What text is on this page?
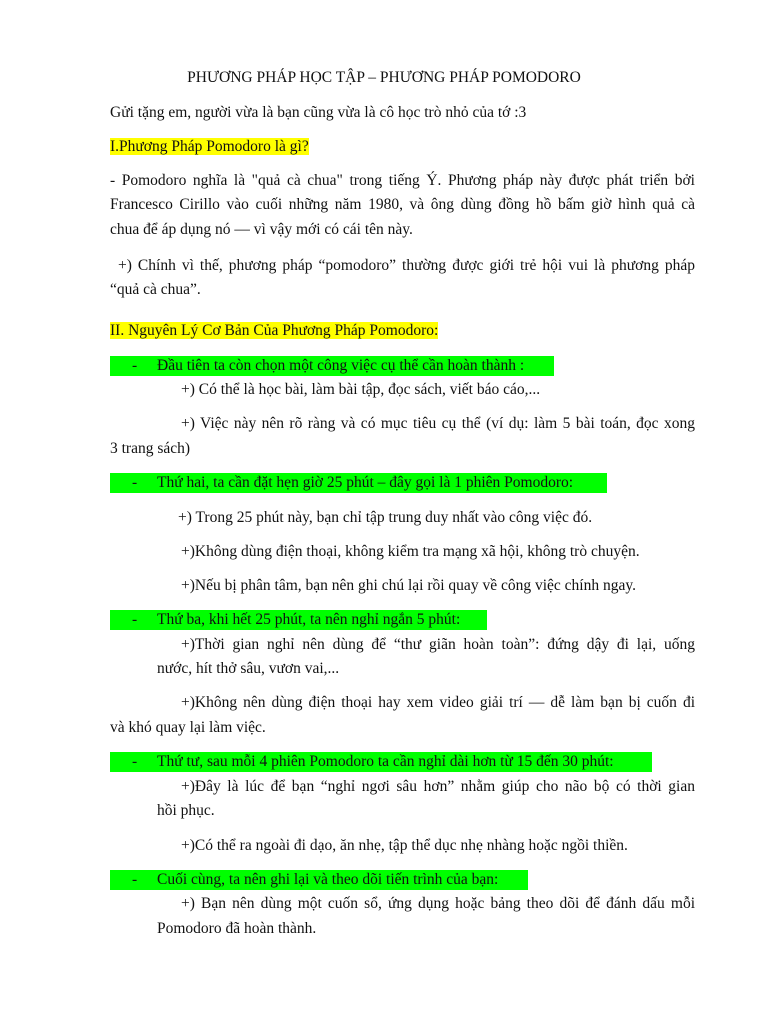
PHƯƠNG PHÁP HỌC TẬP – PHƯƠNG PHÁP POMODORO
Gửi tặng em, người vừa là bạn cũng vừa là cô học trò nhỏ của tớ :3
I.Phương Pháp Pomodoro là gì?
- Pomodoro nghĩa là "quả cà chua" trong tiếng Ý. Phương pháp này được phát triển bởi
Francesco Cirillo vào cuối những năm 1980, và ông dùng đồng hồ bấm giờ hình quả cà
chua để áp dụng nó — vì vậy mới có cái tên này.
+) Chính vì thế, phương pháp “pomodoro” thường được giới trẻ hội vui là phương pháp
“quả cà chua”.
II. Nguyên Lý Cơ Bản Của Phương Pháp Pomodoro:
- Đầu tiên ta còn chọn một công việc cụ thể cần hoàn thành :
+) Có thể là học bài, làm bài tập, đọc sách, viết báo cáo,...
+) Việc này nên rõ ràng và có mục tiêu cụ thể (ví dụ: làm 5 bài toán, đọc xong
3 trang sách)
- Thứ hai, ta cần đặt hẹn giờ 25 phút – đây gọi là 1 phiên Pomodoro:
+) Trong 25 phút này, bạn chỉ tập trung duy nhất vào công việc đó.
+)Không dùng điện thoại, không kiểm tra mạng xã hội, không trò chuyện.
+)Nếu bị phân tâm, bạn nên ghi chú lại rồi quay về công việc chính ngay.
- Thứ ba, khi hết 25 phút, ta nên nghỉ ngắn 5 phút:
+)Thời gian nghỉ nên dùng để “thư giãn hoàn toàn”: đứng dậy đi lại, uống
nước, hít thở sâu, vươn vai,...
+)Không nên dùng điện thoại hay xem video giải trí — dễ làm bạn bị cuốn đi
và khó quay lại làm việc.
- Thứ tư, sau mỗi 4 phiên Pomodoro ta cần nghỉ dài hơn từ 15 đến 30 phút:
+)Đây là lúc để bạn “nghỉ ngơi sâu hơn” nhằm giúp cho não bộ có thời gian
hồi phục.
+)Có thể ra ngoài đi dạo, ăn nhẹ, tập thể dục nhẹ nhàng hoặc ngồi thiền.
- Cuối cùng, ta nên ghi lại và theo dõi tiến trình của bạn:
+) Bạn nên dùng một cuốn sổ, ứng dụng hoặc bảng theo dõi để đánh dấu mỗi
Pomodoro đã hoàn thành.
